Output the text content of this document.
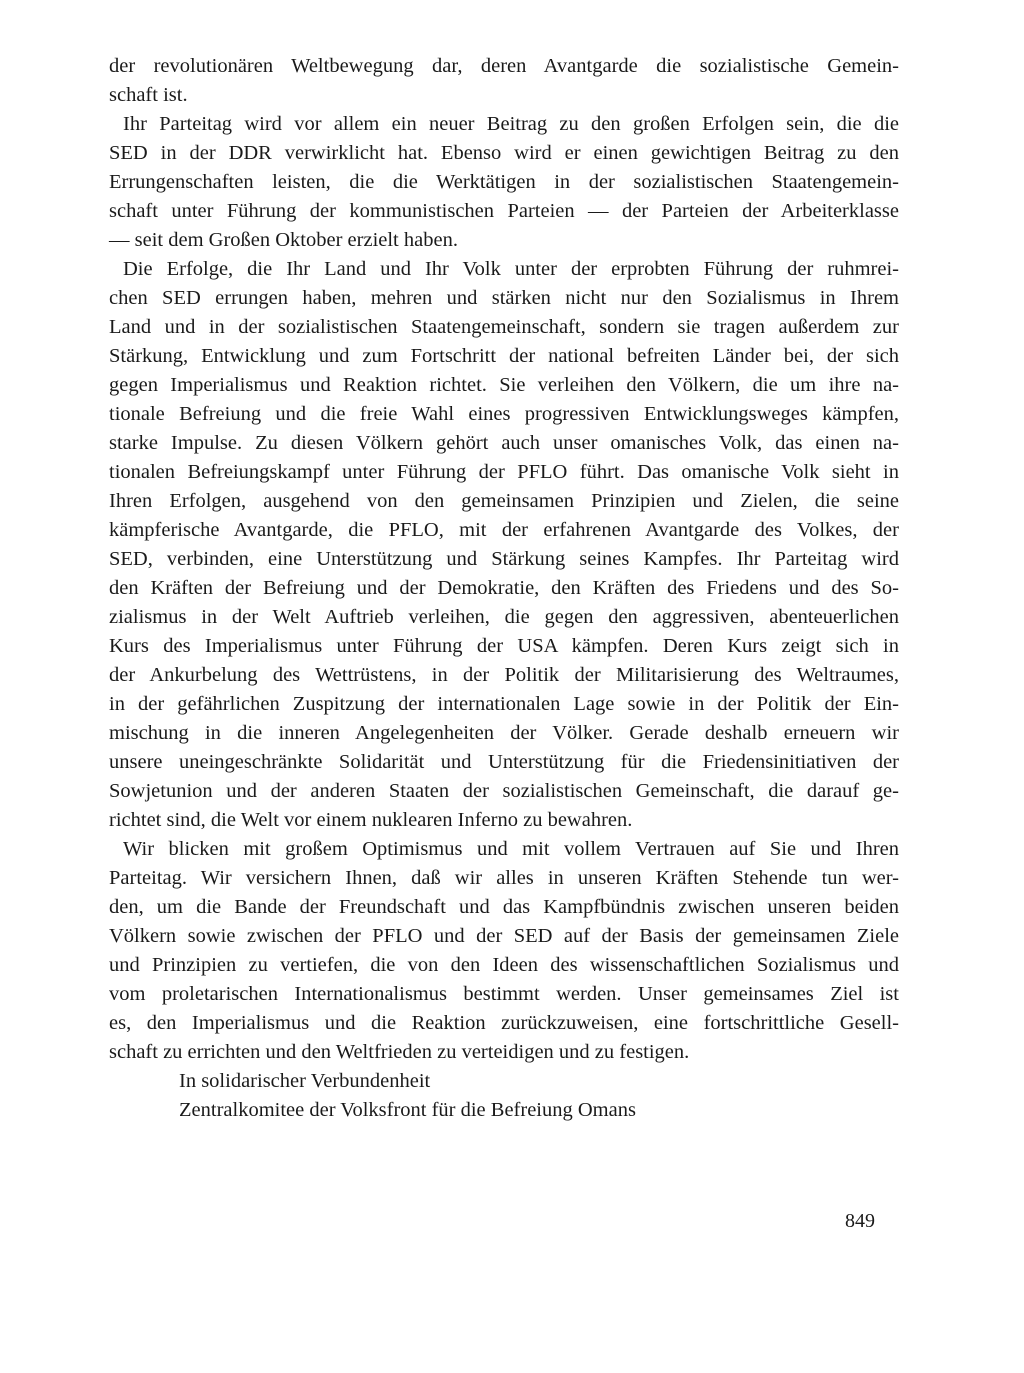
der revolutionären Weltbewegung dar, deren Avantgarde die sozialistische Gemein-
schaft ist.
Ihr Parteitag wird vor allem ein neuer Beitrag zu den großen Erfolgen sein, die die
SED in der DDR verwirklicht hat. Ebenso wird er einen gewichtigen Beitrag zu den
Errungenschaften leisten, die die Werktätigen in der sozialistischen Staatengemein-
schaft unter Führung der kommunistischen Parteien — der Parteien der Arbeiterklasse
— seit dem Großen Oktober erzielt haben.
Die Erfolge, die Ihr Land und Ihr Volk unter der erprobten Führung der ruhmrei-
chen SED errungen haben, mehren und stärken nicht nur den Sozialismus in Ihrem
Land und in der sozialistischen Staatengemeinschaft, sondern sie tragen außerdem zur
Stärkung, Entwicklung und zum Fortschritt der national befreiten Länder bei, der sich
gegen Imperialismus und Reaktion richtet. Sie verleihen den Völkern, die um ihre na-
tionale Befreiung und die freie Wahl eines progressiven Entwicklungsweges kämpfen,
starke Impulse. Zu diesen Völkern gehört auch unser omanisches Volk, das einen na-
tionalen Befreiungskampf unter Führung der PFLO führt. Das omanische Volk sieht in
Ihren Erfolgen, ausgehend von den gemeinsamen Prinzipien und Zielen, die seine
kämpferische Avantgarde, die PFLO, mit der erfahrenen Avantgarde des Volkes, der
SED, verbinden, eine Unterstützung und Stärkung seines Kampfes. Ihr Parteitag wird
den Kräften der Befreiung und der Demokratie, den Kräften des Friedens und des So-
zialismus in der Welt Auftrieb verleihen, die gegen den aggressiven, abenteuerlichen
Kurs des Imperialismus unter Führung der USA kämpfen. Deren Kurs zeigt sich in
der Ankurbelung des Wettrüstens, in der Politik der Militarisierung des Weltraumes,
in der gefährlichen Zuspitzung der internationalen Lage sowie in der Politik der Ein-
mischung in die inneren Angelegenheiten der Völker. Gerade deshalb erneuern wir
unsere uneingeschränkte Solidarität und Unterstützung für die Friedensinitiativen der
Sowjetunion und der anderen Staaten der sozialistischen Gemeinschaft, die darauf ge-
richtet sind, die Welt vor einem nuklearen Inferno zu bewahren.
Wir blicken mit großem Optimismus und mit vollem Vertrauen auf Sie und Ihren
Parteitag. Wir versichern Ihnen, daß wir alles in unseren Kräften Stehende tun wer-
den, um die Bande der Freundschaft und das Kampfbündnis zwischen unseren beiden
Völkern sowie zwischen der PFLO und der SED auf der Basis der gemeinsamen Ziele
und Prinzipien zu vertiefen, die von den Ideen des wissenschaftlichen Sozialismus und
vom proletarischen Internationalismus bestimmt werden. Unser gemeinsames Ziel ist
es, den Imperialismus und die Reaktion zurückzuweisen, eine fortschrittliche Gesell-
schaft zu errichten und den Weltfrieden zu verteidigen und zu festigen.
In solidarischer Verbundenheit
Zentralkomitee der Volksfront für die Befreiung Omans
849
